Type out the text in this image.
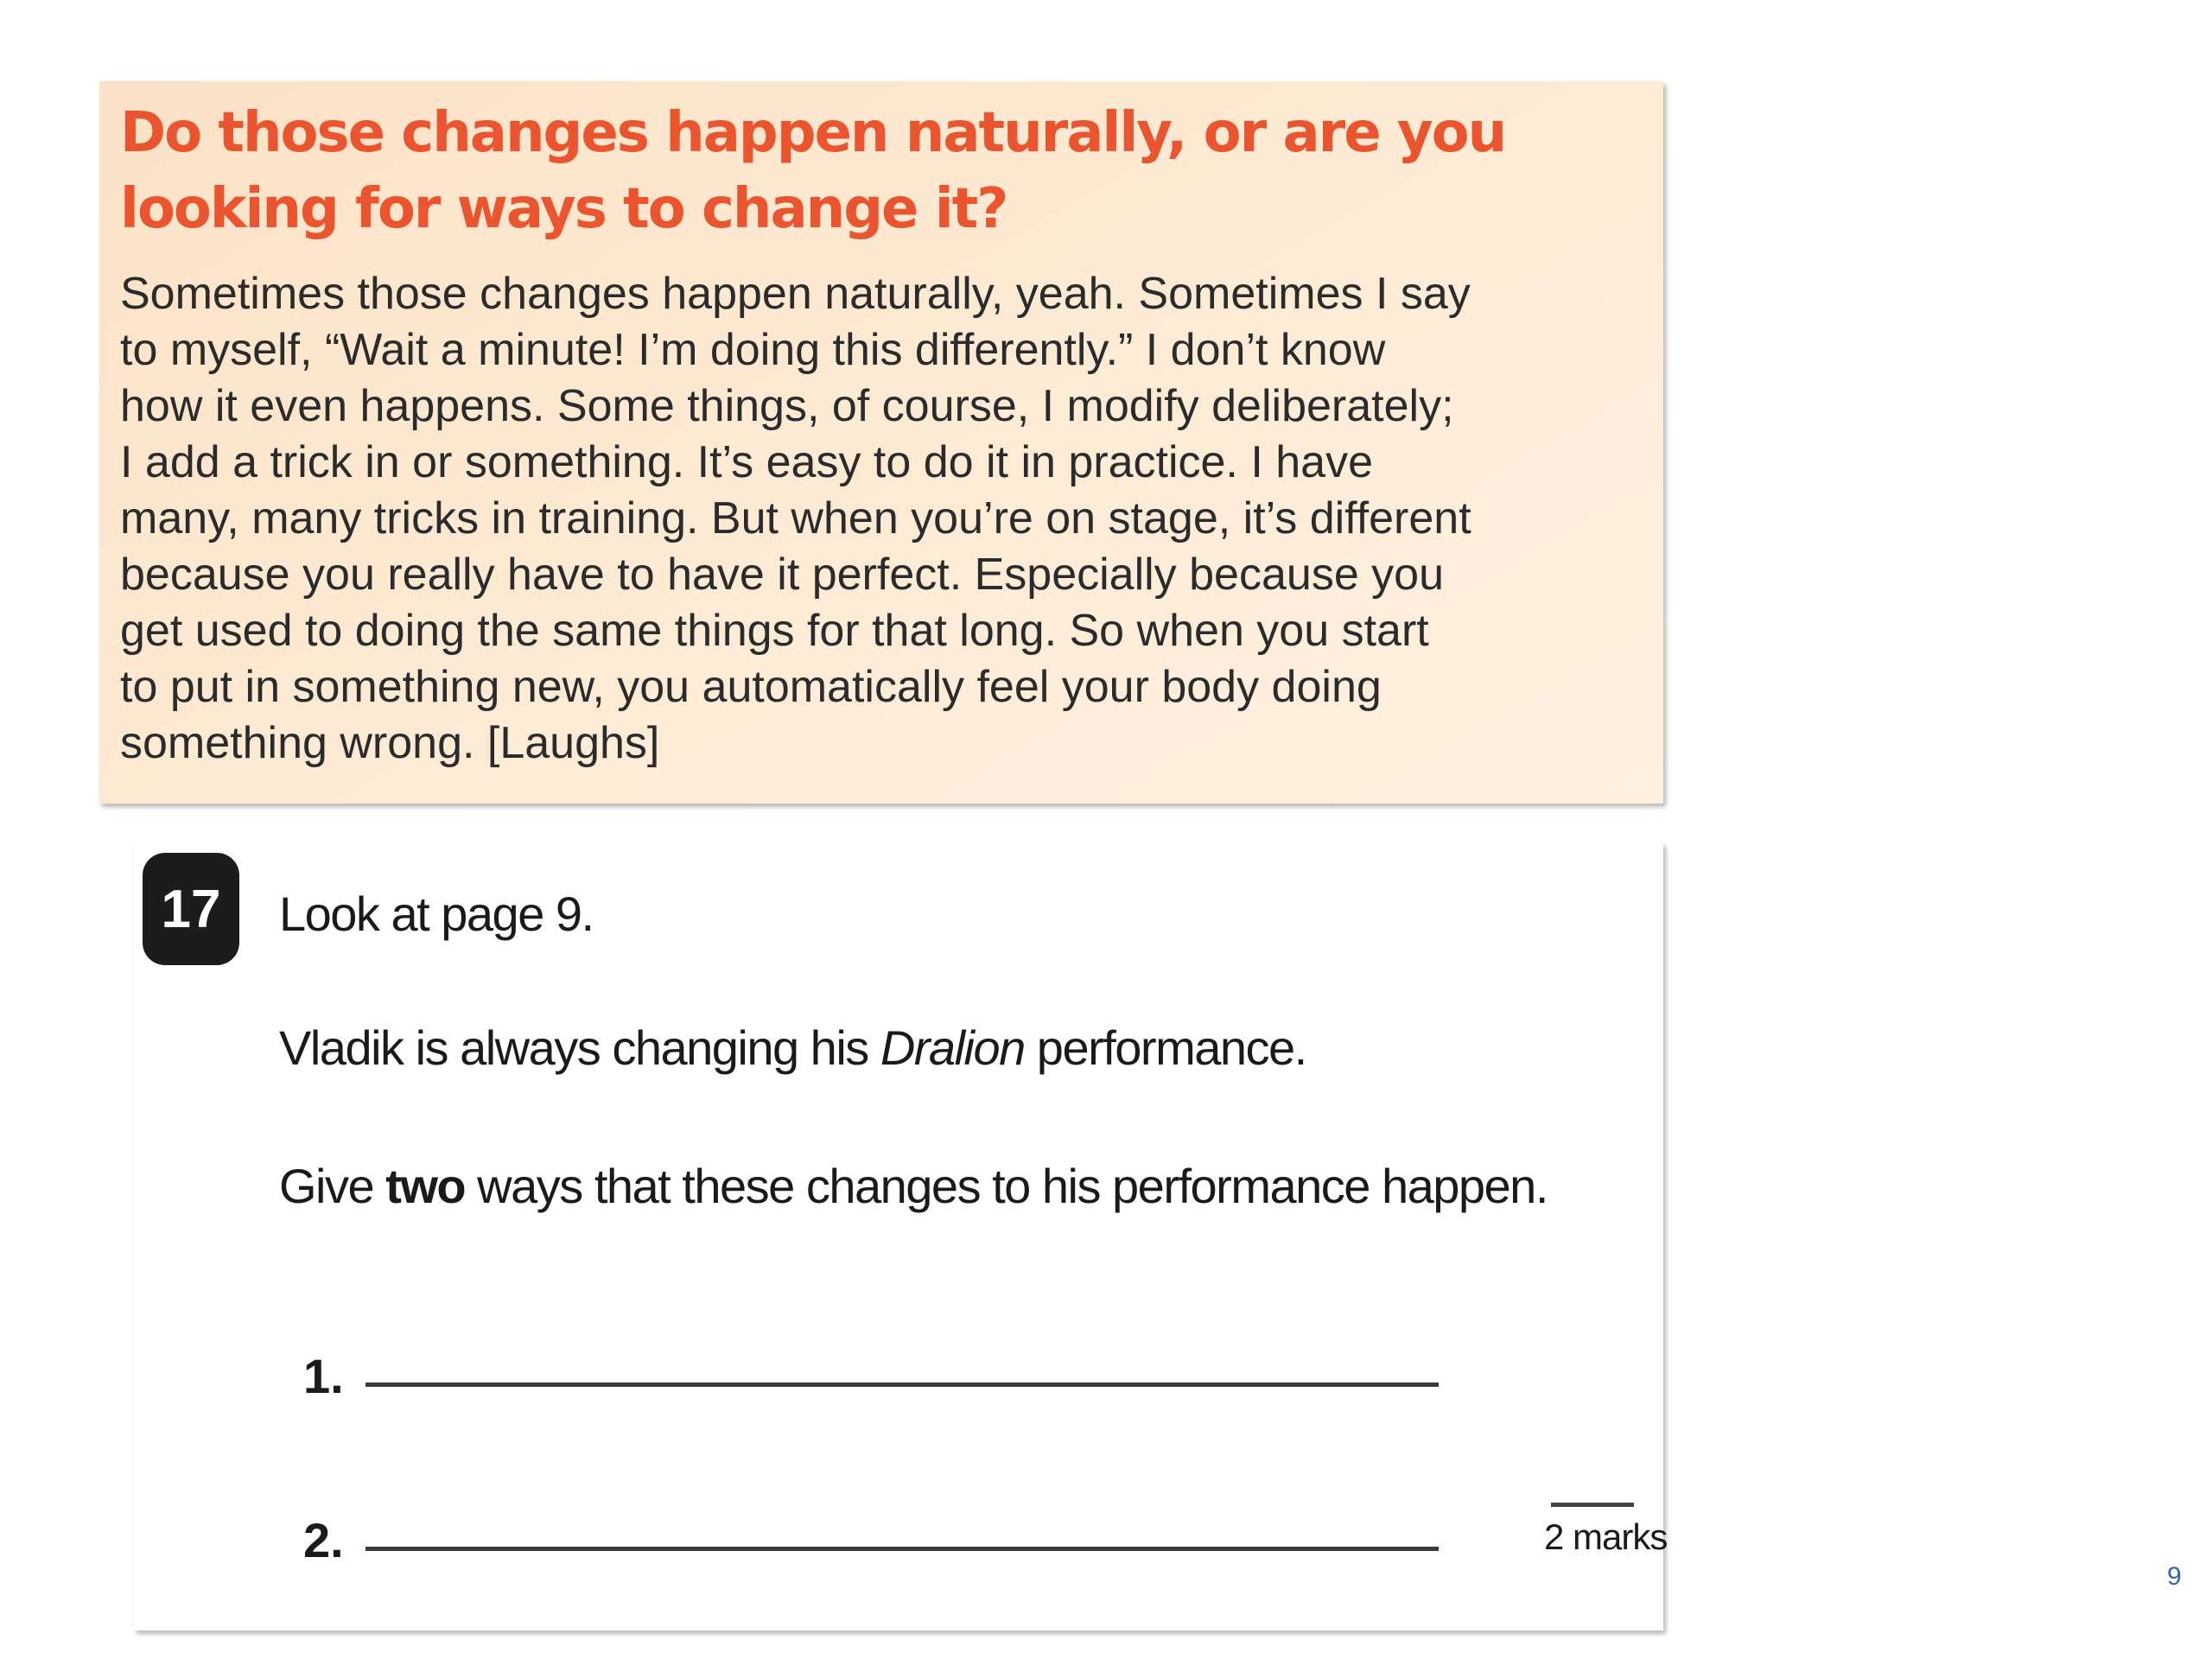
Do those changes happen naturally, or are you looking for ways to change it?

Sometimes those changes happen naturally, yeah. Sometimes I say
to myself, “Wait a minute! I’m doing this differently.” I don’t know
how it even happens. Some things, of course, I modify deliberately;
I add a trick in or something. It’s easy to do it in practice. I have
many, many tricks in training. But when you’re on stage, it’s different
because you really have to have it perfect. Especially because you
get used to doing the same things for that long. So when you start
to put in something new, you automatically feel your body doing
something wrong. [Laughs]

17	Look at page 9.

Vladik is always changing his Dralion performance.

Give two ways that these changes to his performance happen.

1.
2.	2 marks
9
